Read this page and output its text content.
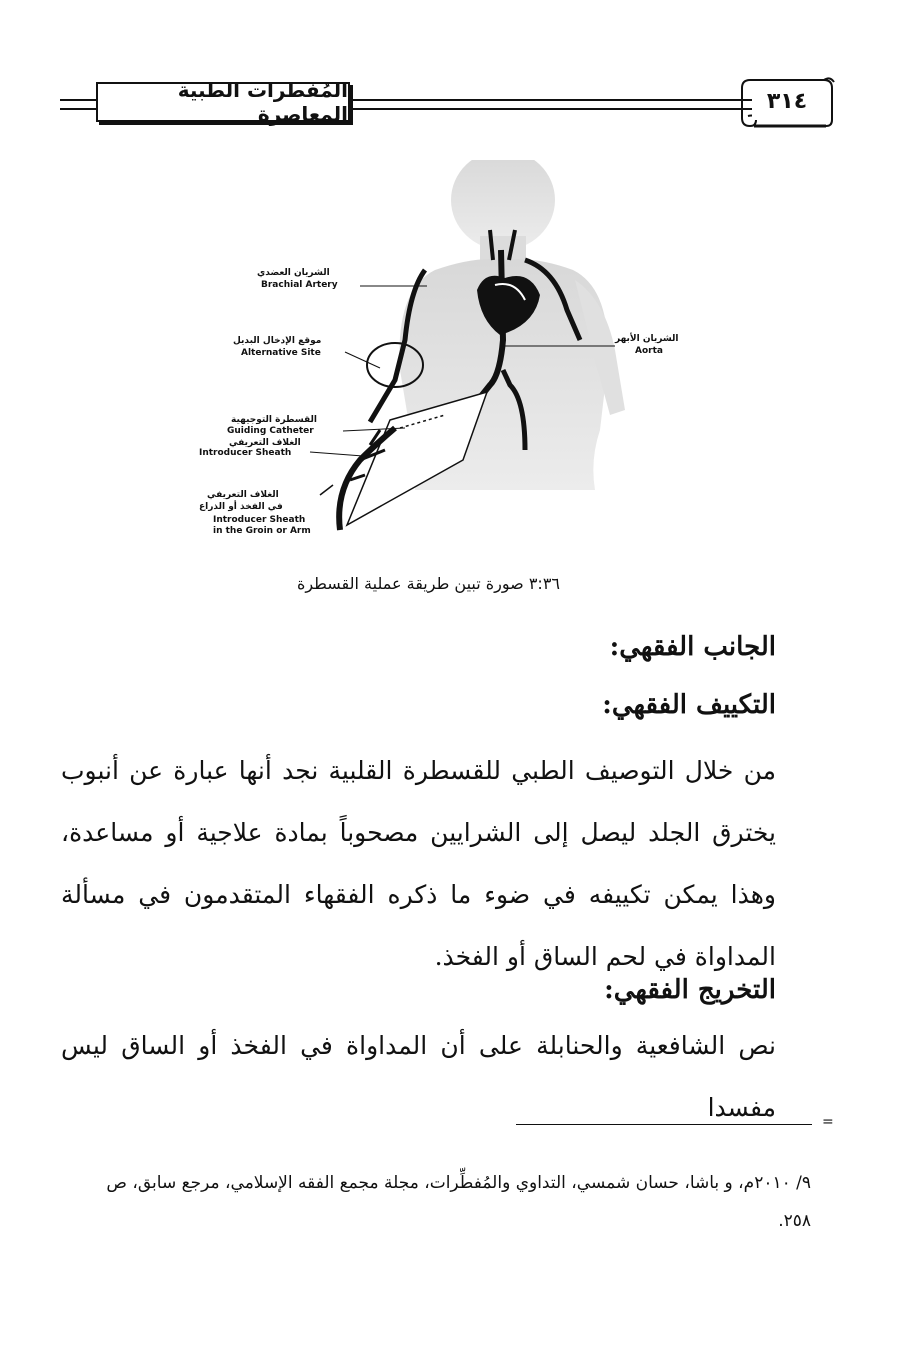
المُفطرات الطبية المعاصرة
٣١٤
الشريان العضدي
Brachial Artery
موقع الإدخال البديل
Alternative Site
الشريان الأبهر
Aorta
القسطرة التوجيهية
Guiding Catheter
الغلاف التعريفي
Introducer Sheath
الغلاف التعريفي
في الفخذ أو الذراع
Introducer Sheath
in the Groin or Arm
٣:٣٦ صورة تبين طريقة عملية القسطرة
الجانب الفقهي:
التكييف الفقهي:
من خلال التوصيف الطبي للقسطرة القلبية نجد أنها عبارة عن أنبوب يخترق الجلد ليصل إلى الشرايين مصحوباً بمادة علاجية أو مساعدة، وهذا يمكن تكييفه في ضوء ما ذكره الفقهاء المتقدمون في مسألة المداواة في لحم الساق أو الفخذ.
التخريج الفقهي:
نص الشافعية والحنابلة على أن المداواة في الفخذ أو الساق ليس مفسدا	=
٩/ ٢٠١٠م، و باشا، حسان شمسي، التداوي والمُفطِّرات، مجلة مجمع الفقه الإسلامي، مرجع سابق، ص ٢٥٨.
